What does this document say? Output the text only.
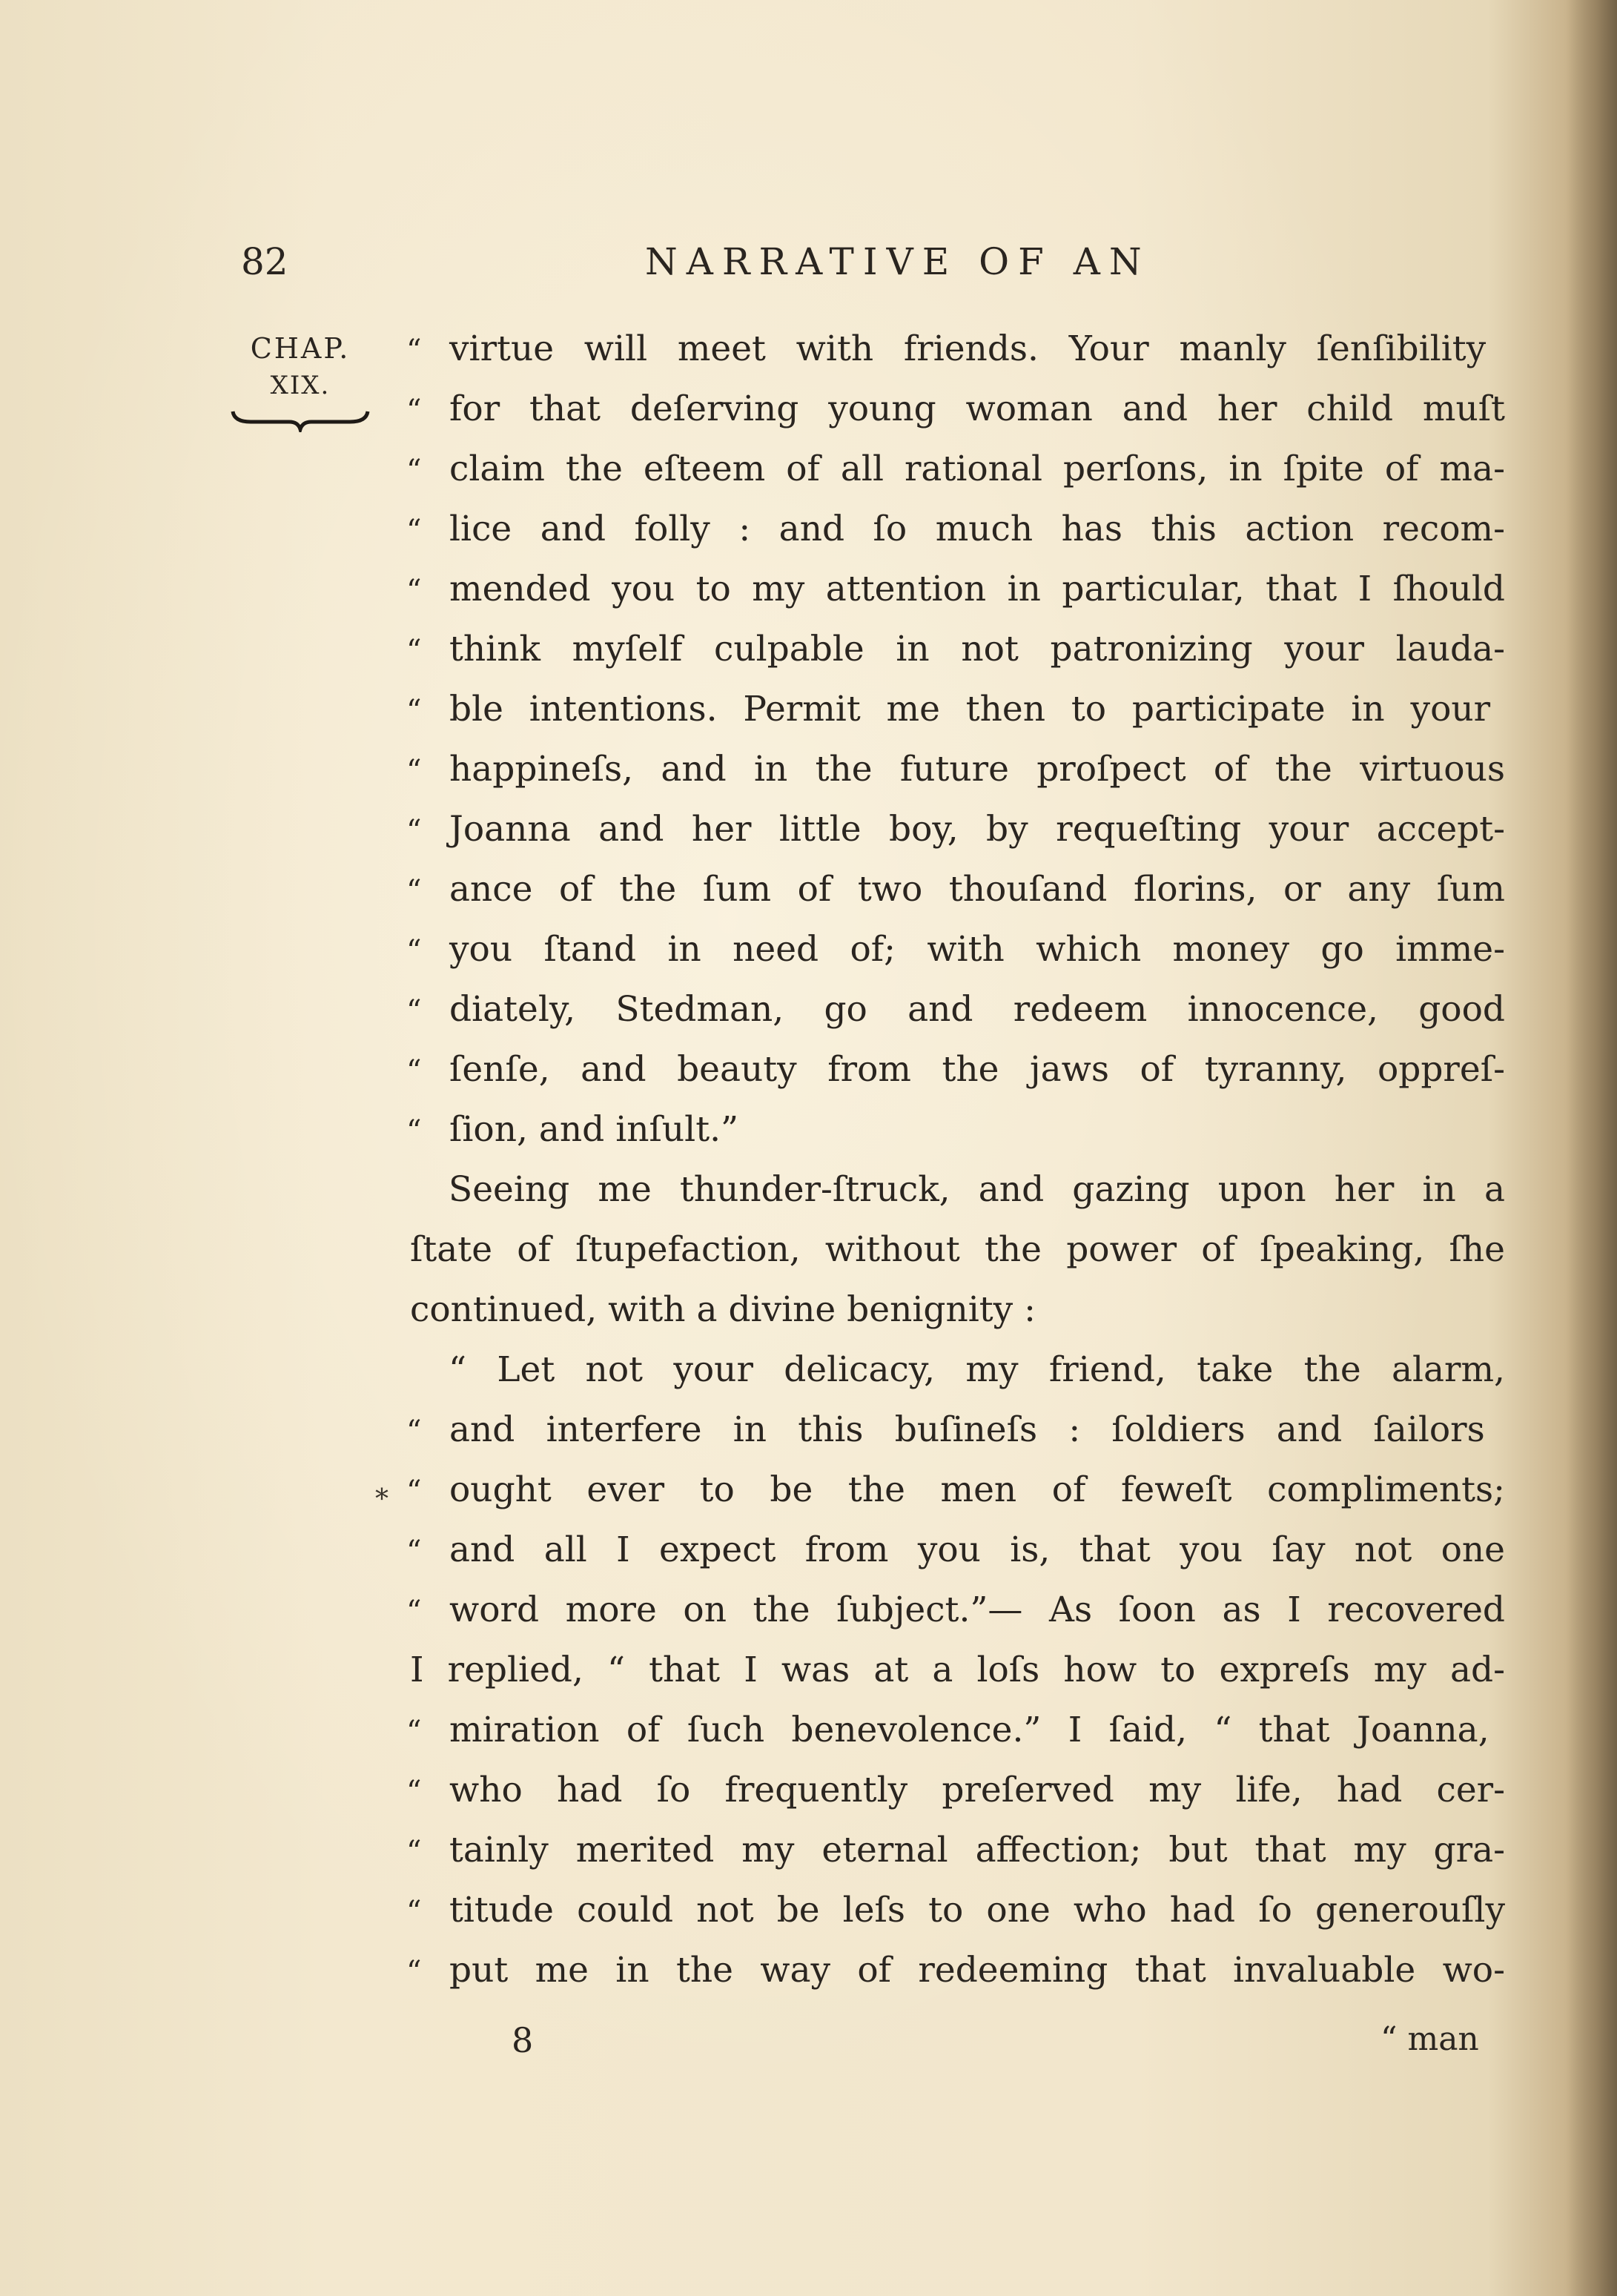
82	NARRATIVE OF AN
CHAP.
XIX.
“ virtue will meet with friends. Your manly ſenſibility
“ for that deſerving young woman and her child muſt
“ claim the eſteem of all rational perſons, in ſpite of ma-
“ lice and folly : and ſo much has this action recom-
“ mended you to my attention in particular, that I ſhould
“ think myſelf culpable in not patronizing your lauda-
“ ble intentions. Permit me then to participate in your
“ happineſs, and in the future proſpect of the virtuous
“ Joanna and her little boy, by requeſting your accept-
“ ance of the ſum of two thouſand florins, or any ſum
“ you ſtand in need of; with which money go imme-
“ diately, Stedman, go and redeem innocence, good
“ ſenſe, and beauty from the jaws of tyranny, oppreſ-
“ ſion, and inſult.”
Seeing me thunder-ſtruck, and gazing upon her in a
ſtate of ſtupefaction, without the power of ſpeaking, ſhe
continued, with a divine benignity :
“ Let not your delicacy, my friend, take the alarm,
“ and interfere in this buſineſs : ſoldiers and ſailors
“ ought ever to be the men of feweſt compliments;
“ and all I expect from you is, that you ſay not one
“ word more on the ſubject.”— As ſoon as I recovered
I replied, “ that I was at a loſs how to expreſs my ad-
“ miration of ſuch benevolence.” I ſaid, “ that Joanna,
“ who had ſo frequently preſerved my life, had cer-
“ tainly merited my eternal affection; but that my gra-
“ titude could not be leſs to one who had ſo generouſly
“ put me in the way of redeeming that invaluable wo-
*
8	“ man
